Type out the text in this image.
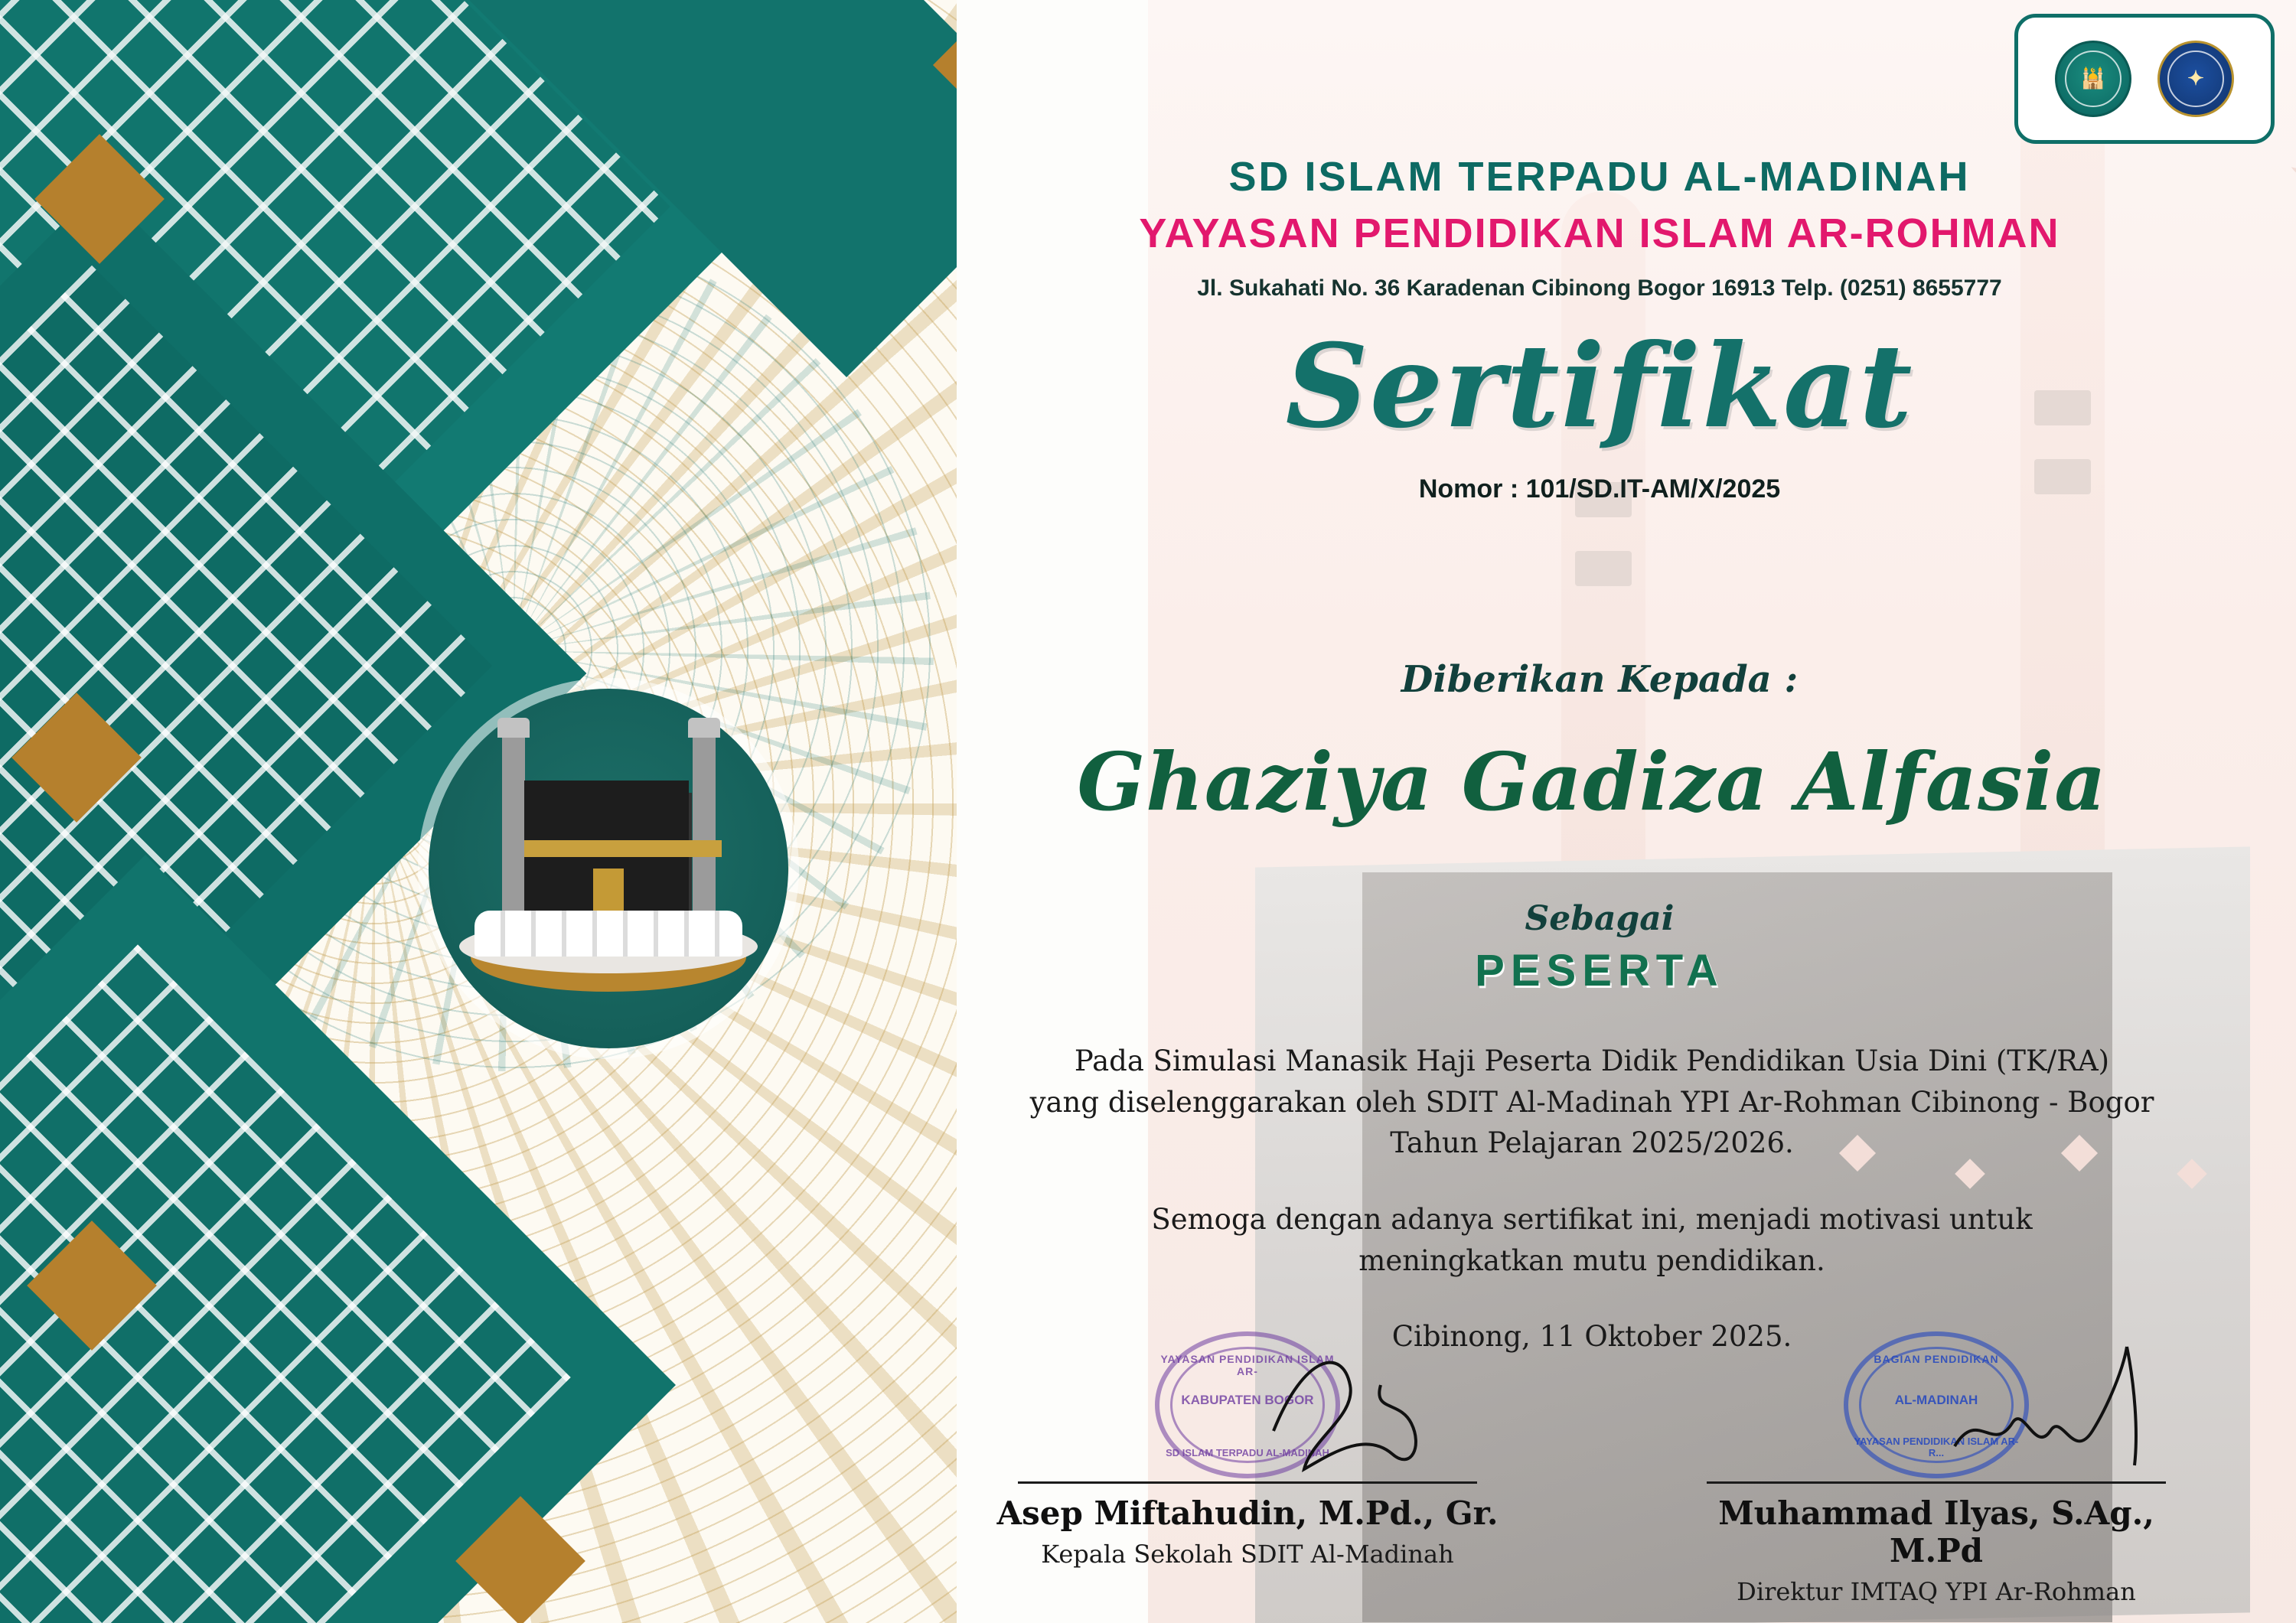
🕌	✦
SD ISLAM TERPADU AL-MADINAH
YAYASAN PENDIDIKAN ISLAM AR-ROHMAN
Jl. Sukahati No. 36 Karadenan Cibinong Bogor 16913 Telp. (0251) 8655777
Sertifikat
Nomor : 101/SD.IT-AM/X/2025
Diberikan Kepada :
Ghaziya Gadiza Alfasia
Sebagai
PESERTA

Pada Simulasi Manasik Haji Peserta Didik Pendidikan Usia Dini (TK/RA)

yang diselenggarakan oleh SDIT Al-Madinah YPI Ar-Rohman Cibinong - Bogor

Tahun Pelajaran 2025/2026.

Semoga dengan adanya sertifikat ini, menjadi motivasi untuk

meningkatkan mutu pendidikan.

Cibinong, 11 Oktober 2025.

YAYASAN PENDIDIKAN ISLAM AR-
KABUPATEN BOGOR
SD ISLAM TERPADU AL-MADINAH
Asep Miftahudin, M.Pd., Gr.
Kepala Sekolah SDIT Al-Madinah
BAGIAN PENDIDIKAN
AL-MADINAH
YAYASAN PENDIDIKAN ISLAM AR-R...
Muhammad Ilyas, S.Ag., M.Pd
Direktur IMTAQ YPI Ar-Rohman
